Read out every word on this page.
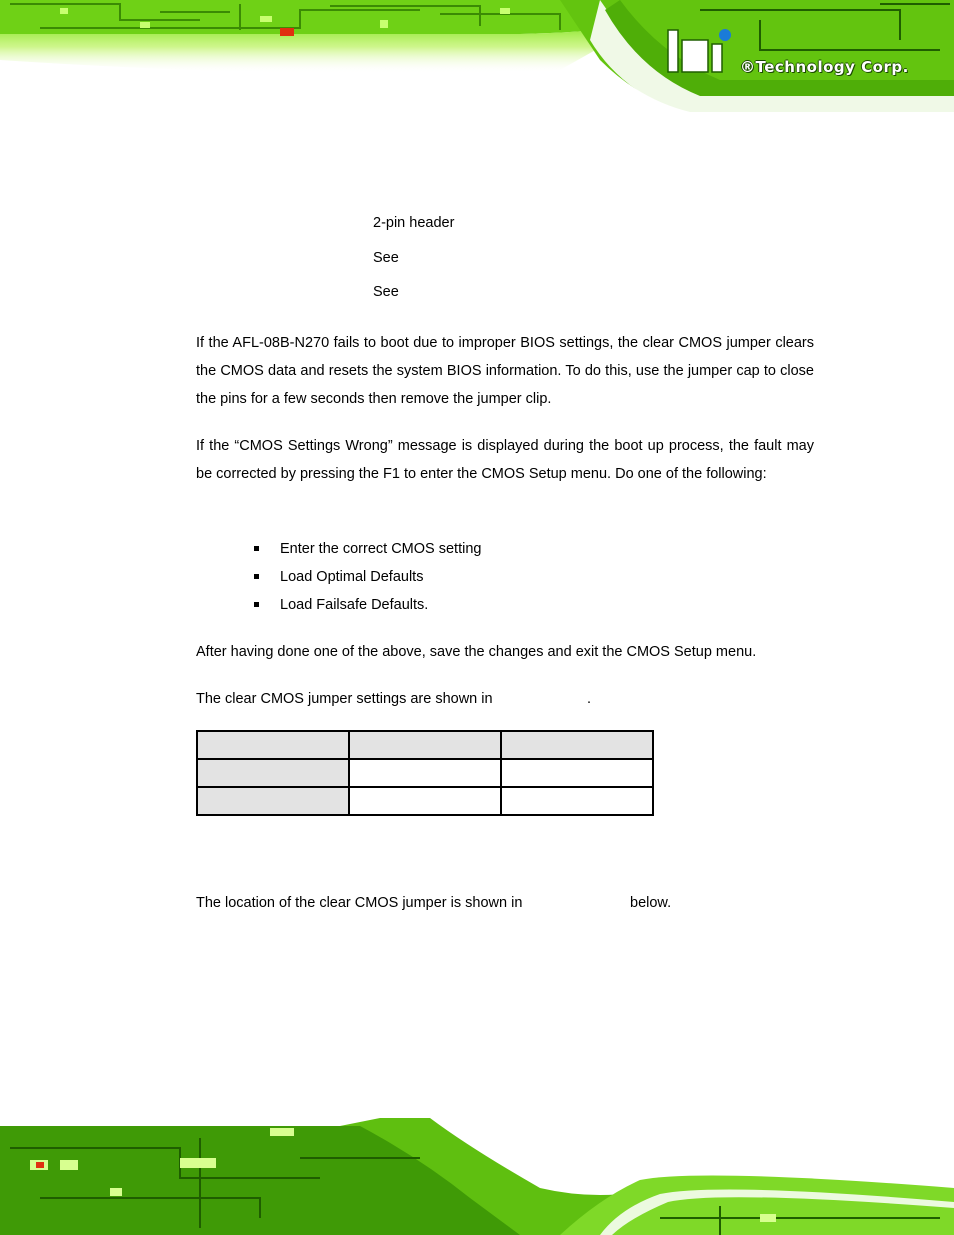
®Technology Corp.
2-pin header
See
See
If the AFL-08B-N270 fails to boot due to improper BIOS settings, the clear CMOS jumper clears the CMOS data and resets the system BIOS information. To do this, use the jumper cap to close the pins for a few seconds then remove the jumper clip.
If the “CMOS Settings Wrong” message is displayed during the boot up process, the fault may be corrected by pressing the F1 to enter the CMOS Setup menu. Do one of the following:
Enter the correct CMOS setting
Load Optimal Defaults
Load Failsafe Defaults.
After having done one of the above, save the changes and exit the CMOS Setup menu.
The clear CMOS jumper settings are shown in	.

The location of the clear CMOS jumper is shown in	below.
